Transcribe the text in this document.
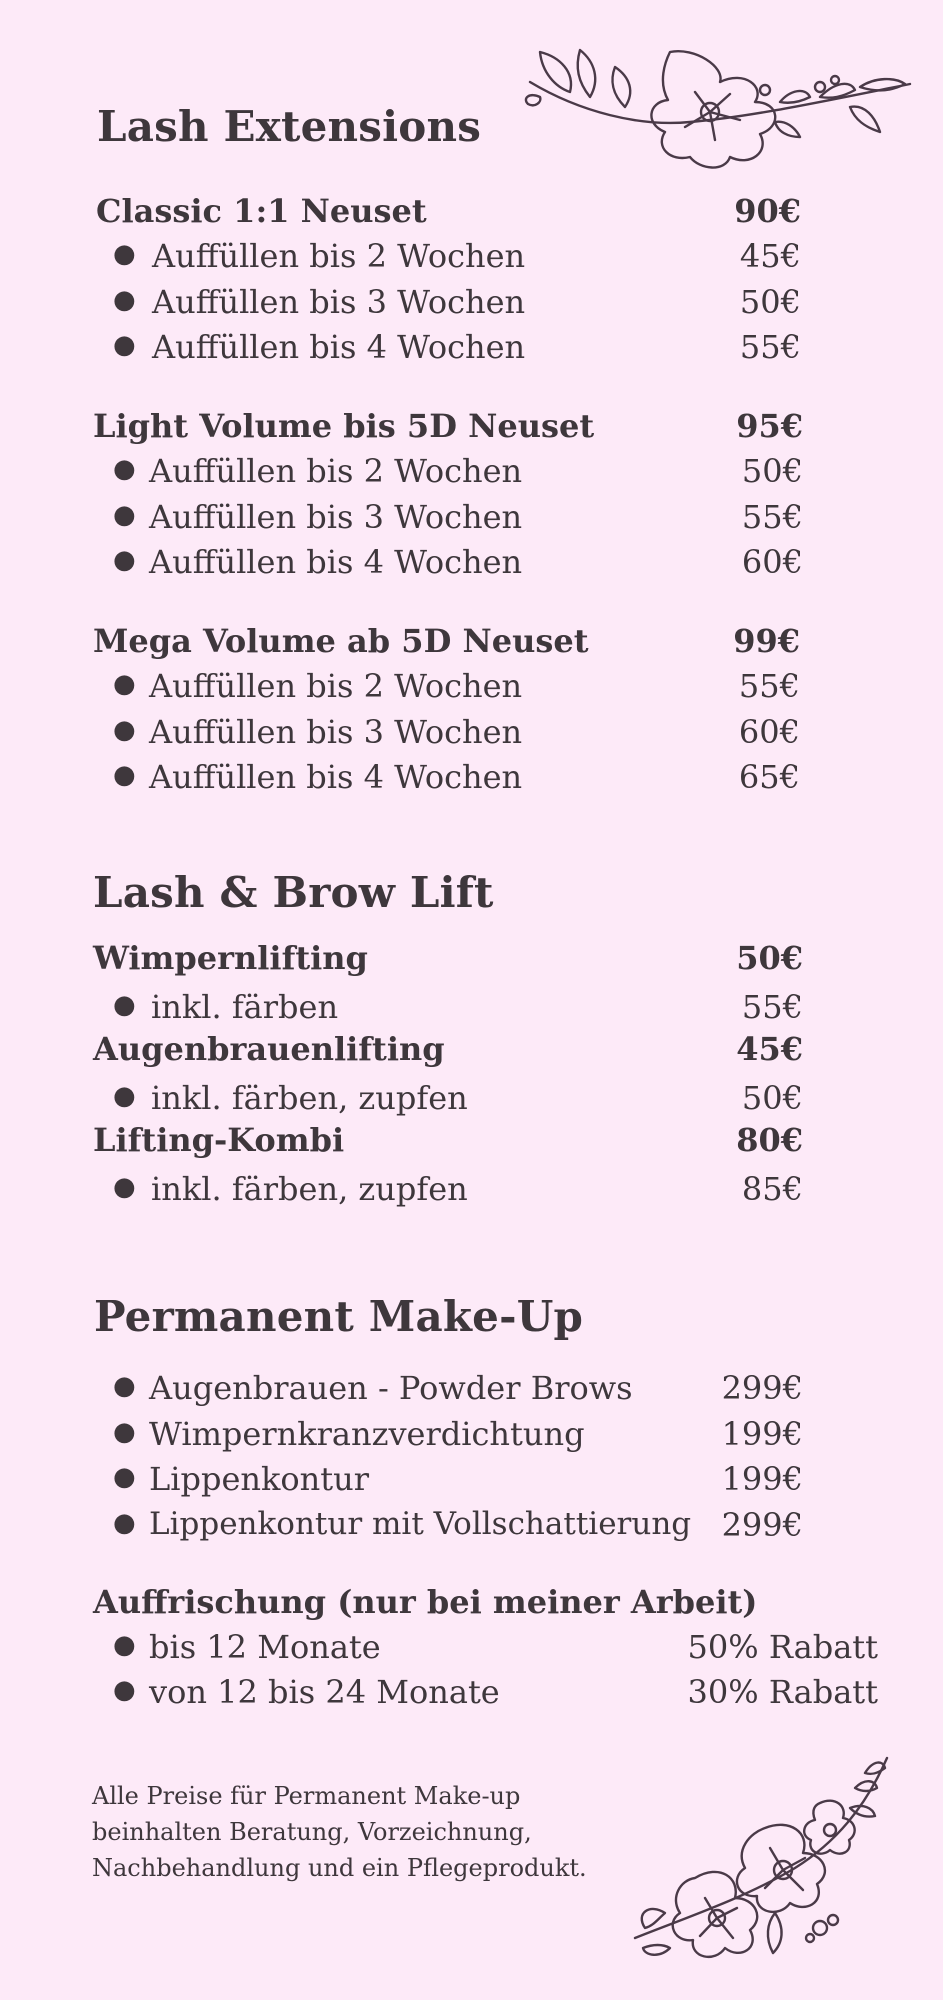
Lash Extensions
Classic 1:1 Neuset	90€
● Auffüllen bis 2 Wochen	45€
● Auffüllen bis 3 Wochen	50€
● Auffüllen bis 4 Wochen	55€
Light Volume bis 5D Neuset	95€
● Auffüllen bis 2 Wochen	50€
● Auffüllen bis 3 Wochen	55€
● Auffüllen bis 4 Wochen	60€
Mega Volume ab 5D Neuset	99€
● Auffüllen bis 2 Wochen	55€
● Auffüllen bis 3 Wochen	60€
● Auffüllen bis 4 Wochen	65€
Lash & Brow Lift
Wimpernlifting	50€
● inkl. färben	55€
Augenbrauenlifting	45€
● inkl. färben, zupfen	50€
Lifting-Kombi	80€
● inkl. färben, zupfen	85€
Permanent Make-Up
● Augenbrauen - Powder Brows	299€
● Wimpernkranzverdichtung	199€
● Lippenkontur	199€
● Lippenkontur mit Vollschattierung 299€
Auffrischung (nur bei meiner Arbeit)
● bis 12 Monate	50% Rabatt
● von 12 bis 24 Monate	30% Rabatt
Alle Preise für Permanent Make-up
beinhalten Beratung, Vorzeichnung,
Nachbehandlung und ein Pflegeprodukt.
